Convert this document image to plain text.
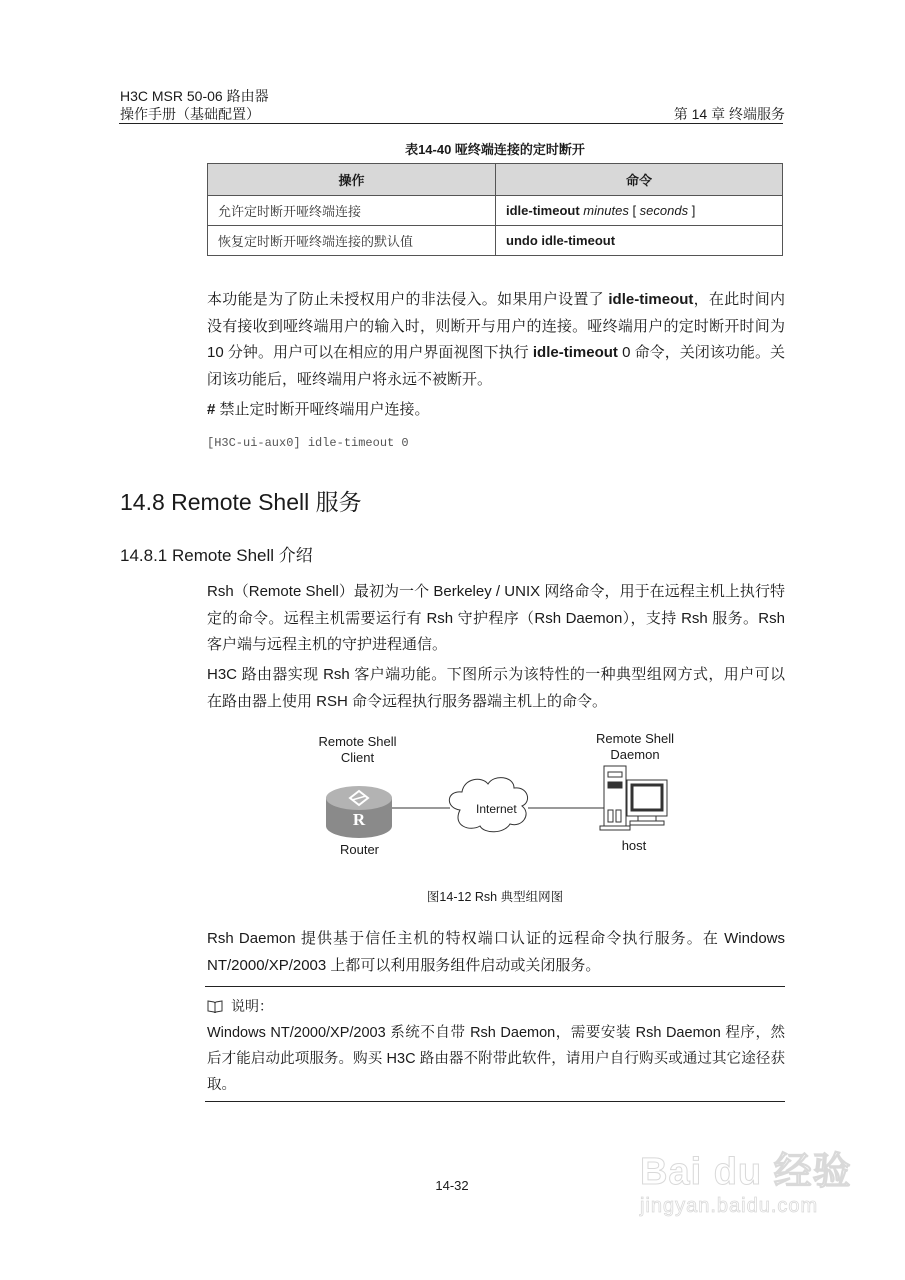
H3C MSR 50-06 路由器
操作手册（基础配置）	第 14 章 终端服务
表14-40 哑终端连接的定时断开
操作	命令
允许定时断开哑终端连接	idle-timeout minutes [ seconds ]
恢复定时断开哑终端连接的默认值	undo idle-timeout
本功能是为了防止未授权用户的非法侵入。如果用户设置了 idle-timeout，在此时间内没有接收到哑终端用户的输入时，则断开与用户的连接。哑终端用户的定时断开时间为 10 分钟。用户可以在相应的用户界面视图下执行 idle-timeout 0 命令，关闭该功能。关闭该功能后，哑终端用户将永远不被断开。
# 禁止定时断开哑终端用户连接。
[H3C-ui-aux0] idle-timeout 0
14.8 Remote Shell 服务
14.8.1 Remote Shell 介绍
Rsh（Remote Shell）最初为一个 Berkeley / UNIX 网络命令，用于在远程主机上执行特定的命令。远程主机需要运行有 Rsh 守护程序（Rsh Daemon），支持 Rsh 服务。Rsh 客户端与远程主机的守护进程通信。
H3C 路由器实现 Rsh 客户端功能。下图所示为该特性的一种典型组网方式，用户可以在路由器上使用 RSH 命令远程执行服务器端主机上的命令。
Remote Shell
Client
R
Internet
Router
Remote Shell
Daemon
host
图14-12 Rsh 典型组网图
Rsh Daemon 提供基于信任主机的特权端口认证的远程命令执行服务。在 Windows NT/2000/XP/2003 上都可以利用服务组件启动或关闭服务。
说明：
Windows NT/2000/XP/2003 系统不自带 Rsh Daemon，需要安装 Rsh Daemon 程序，然后才能启动此项服务。购买 H3C 路由器不附带此软件，请用户自行购买或通过其它途径获取。
14-32	Bai du 经验
jingyan.baidu.com
